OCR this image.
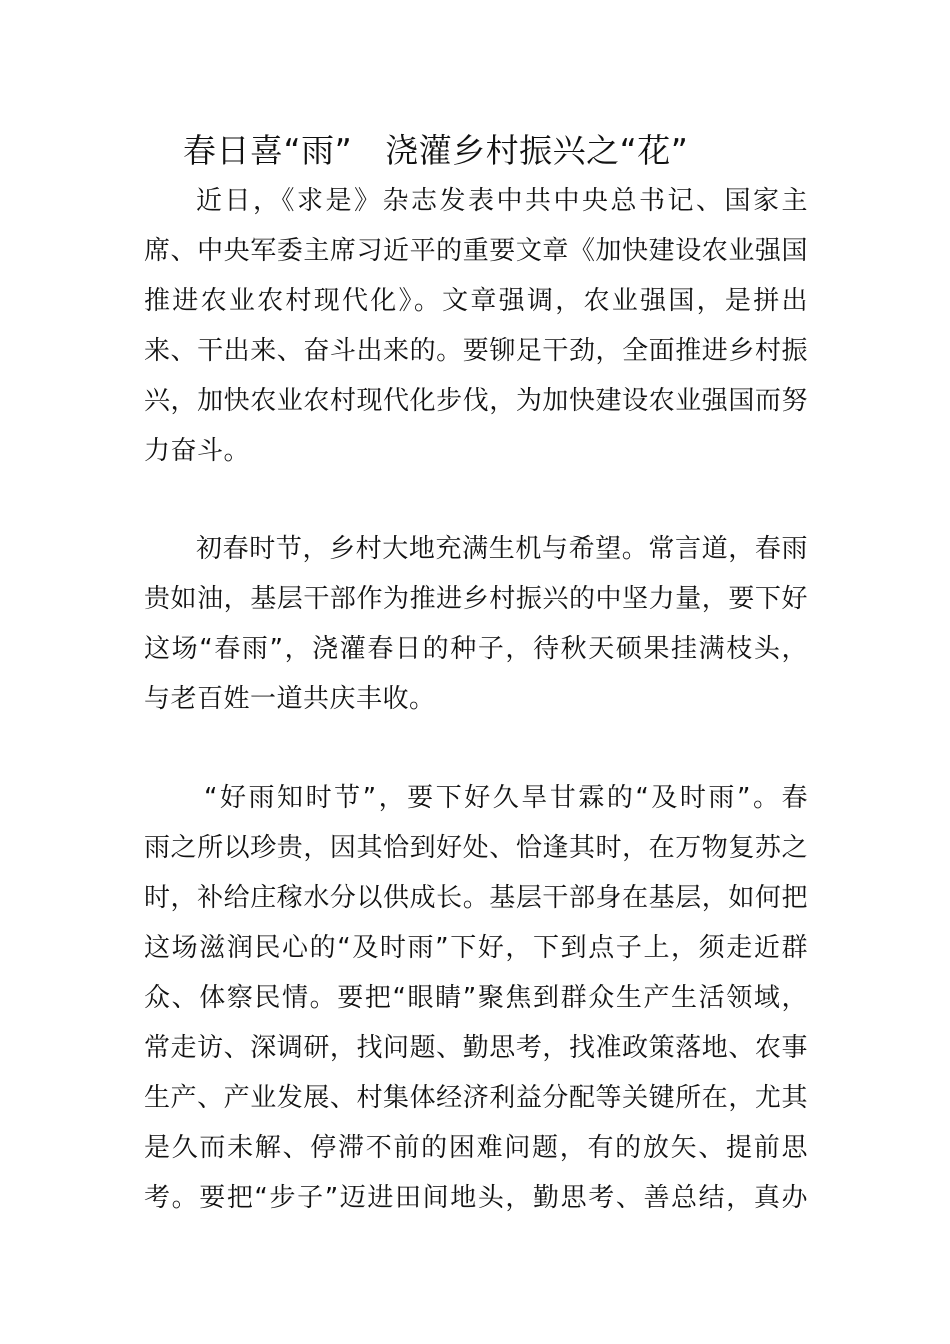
春日喜“雨”   浇灌乡村振兴之“花”
近日，《求是》杂志发表中共中央总书记、国家主
席、中央军委主席习近平的重要文章《加快建设农业强国
推进农业农村现代化》。文章强调，农业强国，是拼出
来、干出来、奋斗出来的。要铆足干劲，全面推进乡村振
兴，加快农业农村现代化步伐，为加快建设农业强国而努
力奋斗。
初春时节，乡村大地充满生机与希望。常言道，春雨
贵如油，基层干部作为推进乡村振兴的中坚力量，要下好
这场“春雨”，浇灌春日的种子，待秋天硕果挂满枝头，
与老百姓一道共庆丰收。
“好雨知时节”，要下好久旱甘霖的“及时雨”。春
雨之所以珍贵，因其恰到好处、恰逢其时，在万物复苏之
时，补给庄稼水分以供成长。基层干部身在基层，如何把
这场滋润民心的“及时雨”下好，下到点子上，须走近群
众、体察民情。要把“眼睛”聚焦到群众生产生活领域，
常走访、深调研，找问题、勤思考，找准政策落地、农事
生产、产业发展、村集体经济利益分配等关键所在，尤其
是久而未解、停滞不前的困难问题，有的放矢、提前思
考。要把“步子”迈进田间地头，勤思考、善总结，真办
